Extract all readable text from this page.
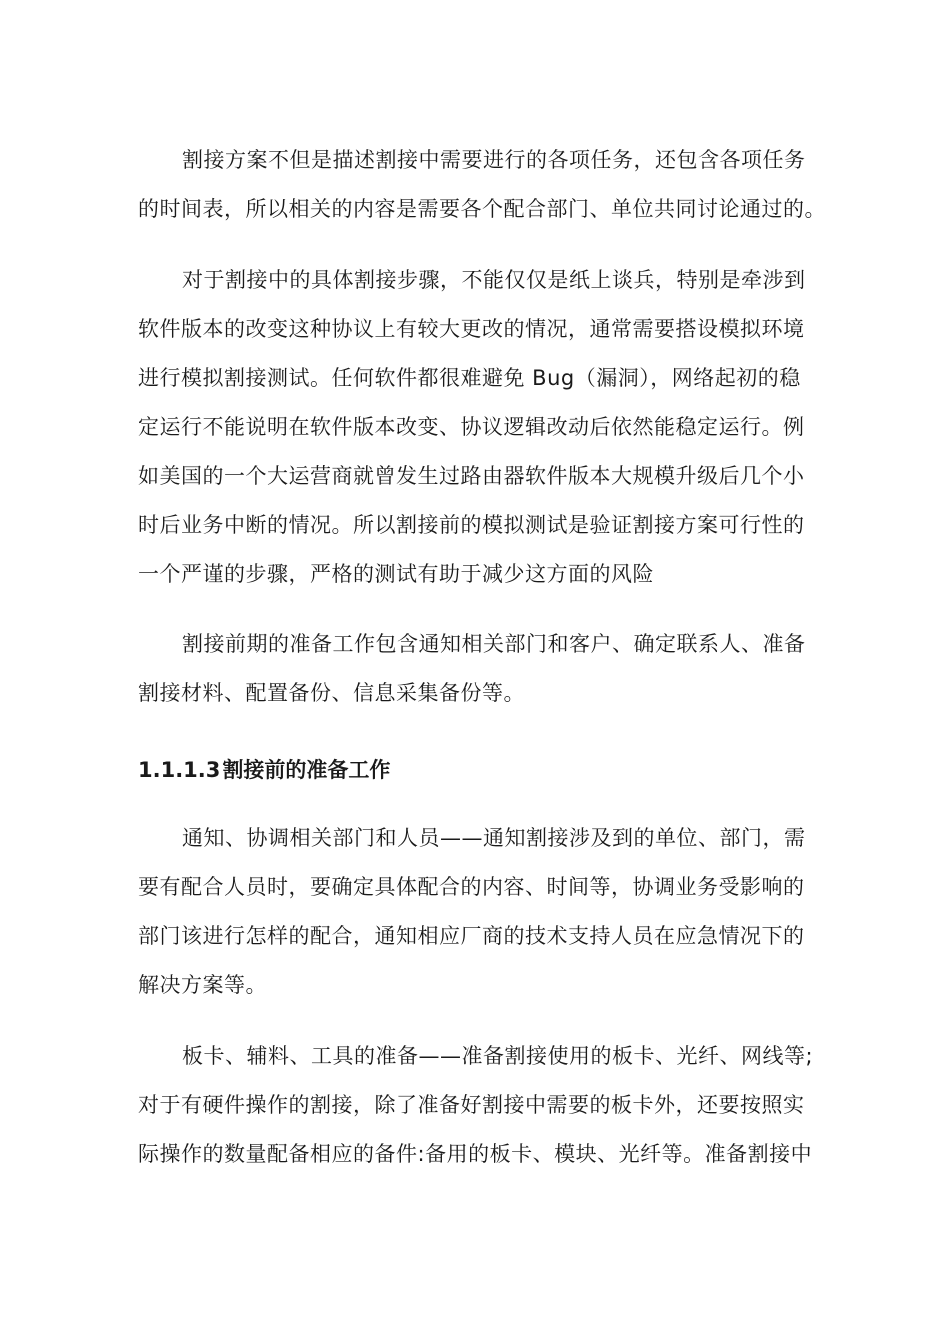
割接方案不但是描述割接中需要进行的各项任务，还包含各项任务
的时间表，所以相关的内容是需要各个配合部门、单位共同讨论通过的。
对于割接中的具体割接步骤，不能仅仅是纸上谈兵，特别是牵涉到
软件版本的改变这种协议上有较大更改的情况，通常需要搭设模拟环境
进行模拟割接测试。任何软件都很难避免 Bug（漏洞），网络起初的稳
定运行不能说明在软件版本改变、协议逻辑改动后依然能稳定运行。例
如美国的一个大运营商就曾发生过路由器软件版本大规模升级后几个小
时后业务中断的情况。所以割接前的模拟测试是验证割接方案可行性的
一个严谨的步骤，严格的测试有助于减少这方面的风险
割接前期的准备工作包含通知相关部门和客户、确定联系人、准备
割接材料、配置备份、信息采集备份等。
1.1.1.3割接前的准备工作
通知、协调相关部门和人员——通知割接涉及到的单位、部门，需
要有配合人员时，要确定具体配合的内容、时间等，协调业务受影响的
部门该进行怎样的配合，通知相应厂商的技术支持人员在应急情况下的
解决方案等。
板卡、辅料、工具的准备——准备割接使用的板卡、光纤、网线等;
对于有硬件操作的割接，除了准备好割接中需要的板卡外，还要按照实
际操作的数量配备相应的备件:备用的板卡、模块、光纤等。准备割接中
